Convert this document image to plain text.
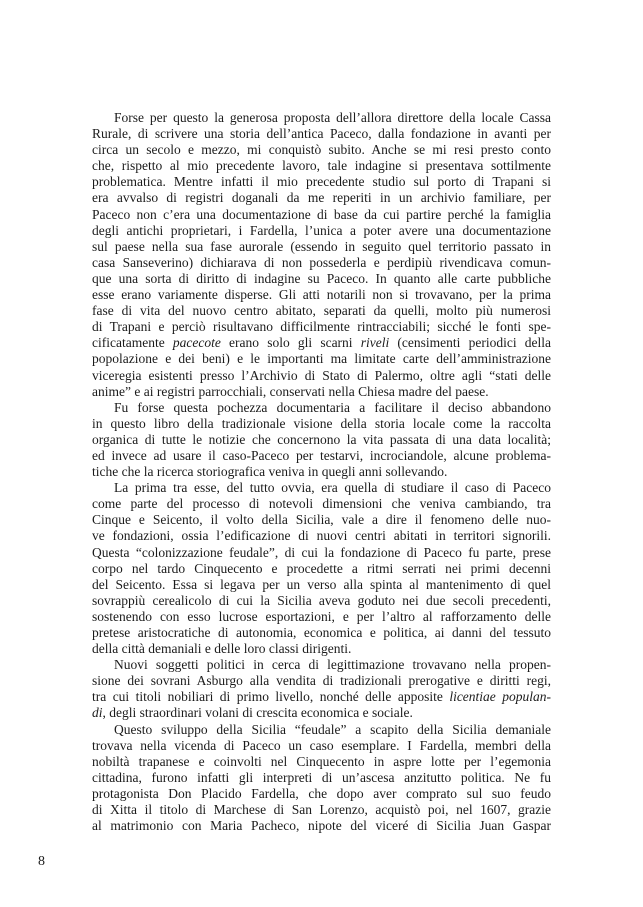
Forse per questo la generosa proposta dell’allora direttore della locale Cassa
Rurale, di scrivere una storia dell’antica Paceco, dalla fondazione in avanti per
circa un secolo e mezzo, mi conquistò subito. Anche se mi resi presto conto
che, rispetto al mio precedente lavoro, tale indagine si presentava sottilmente
problematica. Mentre infatti il mio precedente studio sul porto di Trapani si
era avvalso di registri doganali da me reperiti in un archivio familiare, per
Paceco non c’era una documentazione di base da cui partire perché la famiglia
degli antichi proprietari, i Fardella, l’unica a poter avere una documentazione
sul paese nella sua fase aurorale (essendo in seguito quel territorio passato in
casa Sanseverino) dichiarava di non possederla e perdipiù rivendicava comun-
que una sorta di diritto di indagine su Paceco. In quanto alle carte pubbliche
esse erano variamente disperse. Gli atti notarili non si trovavano, per la prima
fase di vita del nuovo centro abitato, separati da quelli, molto più numerosi
di Trapani e perciò risultavano difficilmente rintracciabili; sicché le fonti spe-
cificatamente pacecote erano solo gli scarni riveli (censimenti periodici della
popolazione e dei beni) e le importanti ma limitate carte dell’amministrazione
viceregia esistenti presso l’Archivio di Stato di Palermo, oltre agli “stati delle
anime” e ai registri parrocchiali, conservati nella Chiesa madre del paese.
Fu forse questa pochezza documentaria a facilitare il deciso abbandono
in questo libro della tradizionale visione della storia locale come la raccolta
organica di tutte le notizie che concernono la vita passata di una data località;
ed invece ad usare il caso-Paceco per testarvi, incrociandole, alcune problema-
tiche che la ricerca storiografica veniva in quegli anni sollevando.
La prima tra esse, del tutto ovvia, era quella di studiare il caso di Paceco
come parte del processo di notevoli dimensioni che veniva cambiando, tra
Cinque e Seicento, il volto della Sicilia, vale a dire il fenomeno delle nuo-
ve fondazioni, ossia l’edificazione di nuovi centri abitati in territori signorili.
Questa “colonizzazione feudale”, di cui la fondazione di Paceco fu parte, prese
corpo nel tardo Cinquecento e procedette a ritmi serrati nei primi decenni
del Seicento. Essa si legava per un verso alla spinta al mantenimento di quel
sovrappiù cerealicolo di cui la Sicilia aveva goduto nei due secoli precedenti,
sostenendo con esso lucrose esportazioni, e per l’altro al rafforzamento delle
pretese aristocratiche di autonomia, economica e politica, ai danni del tessuto
della città demaniali e delle loro classi dirigenti.
Nuovi soggetti politici in cerca di legittimazione trovavano nella propen-
sione dei sovrani Asburgo alla vendita di tradizionali prerogative e diritti regi,
tra cui titoli nobiliari di primo livello, nonché delle apposite licentiae populan-
di, degli straordinari volani di crescita economica e sociale.
Questo sviluppo della Sicilia “feudale” a scapito della Sicilia demaniale
trovava nella vicenda di Paceco un caso esemplare. I Fardella, membri della
nobiltà trapanese e coinvolti nel Cinquecento in aspre lotte per l’egemonia
cittadina, furono infatti gli interpreti di un’ascesa anzitutto politica. Ne fu
protagonista Don Placido Fardella, che dopo aver comprato sul suo feudo
di Xitta il titolo di Marchese di San Lorenzo, acquistò poi, nel 1607, grazie
al matrimonio con Maria Pacheco, nipote del viceré di Sicilia Juan Gaspar
8
